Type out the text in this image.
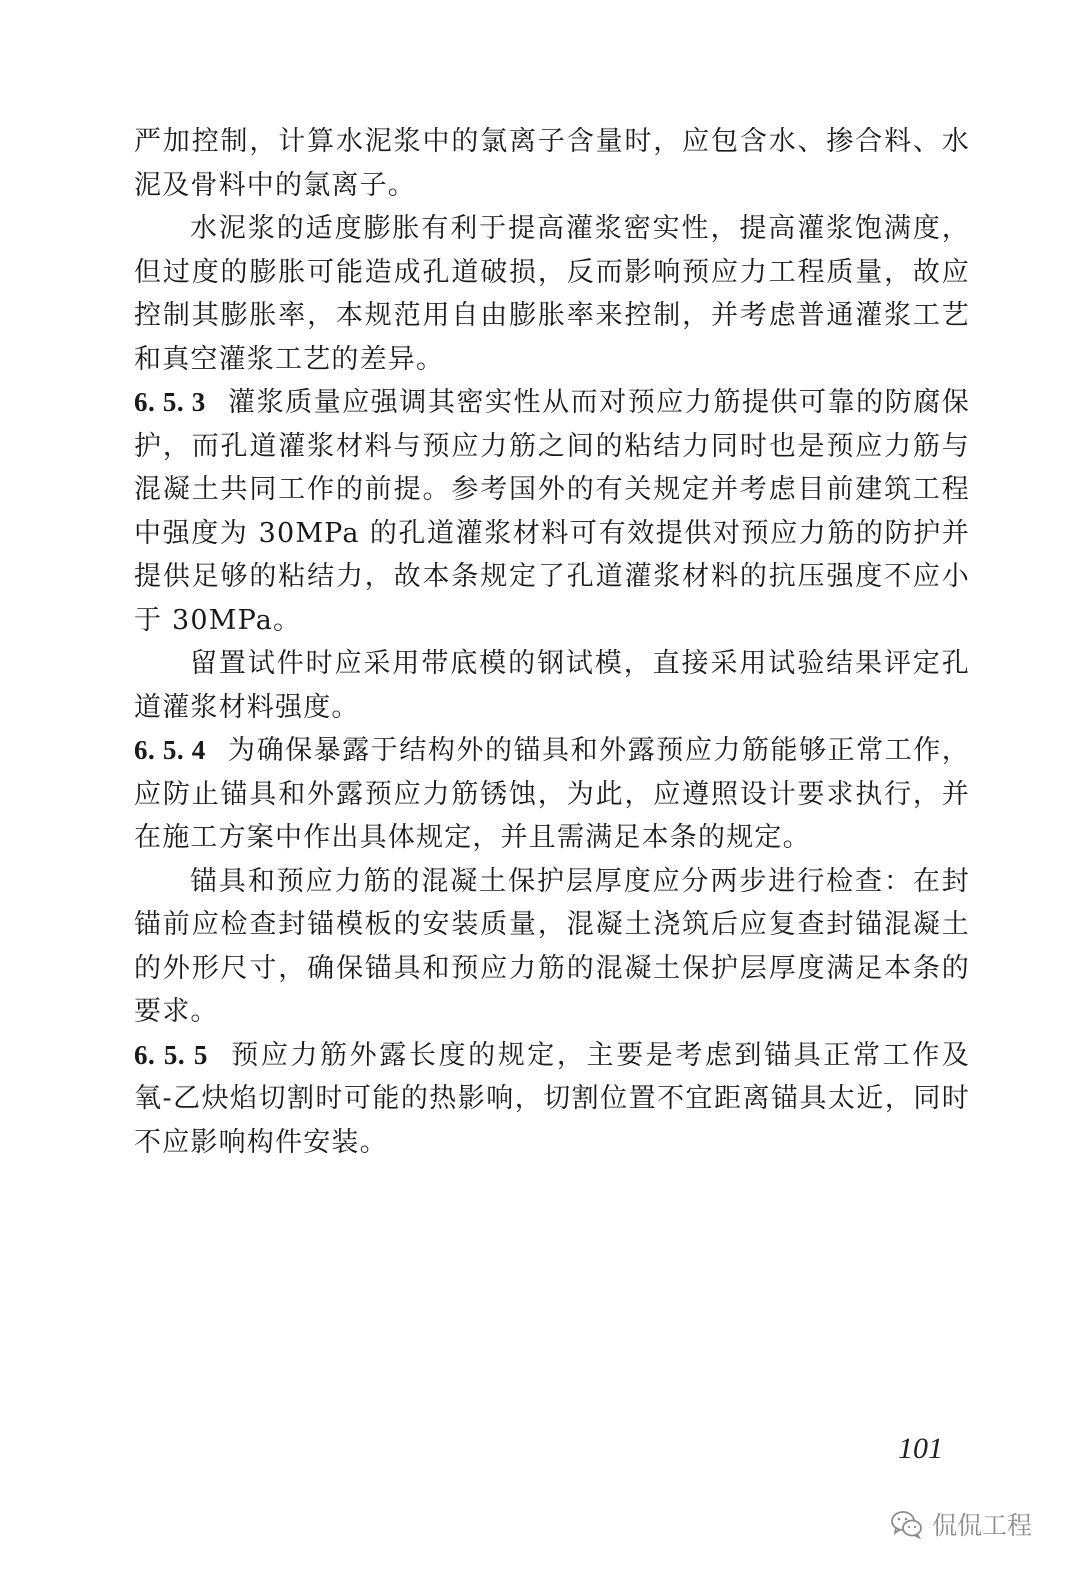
严加控制，计算水泥浆中的氯离子含量时，应包含水、掺合料、水泥及骨料中的氯离子。

水泥浆的适度膨胀有利于提高灌浆密实性，提高灌浆饱满度，但过度的膨胀可能造成孔道破损，反而影响预应力工程质量，故应控制其膨胀率，本规范用自由膨胀率来控制，并考虑普通灌浆工艺和真空灌浆工艺的差异。

6. 5. 3 灌浆质量应强调其密实性从而对预应力筋提供可靠的防腐保护，而孔道灌浆材料与预应力筋之间的粘结力同时也是预应力筋与混凝土共同工作的前提。参考国外的有关规定并考虑目前建筑工程中强度为 30MPa 的孔道灌浆材料可有效提供对预应力筋的防护并提供足够的粘结力，故本条规定了孔道灌浆材料的抗压强度不应小于 30MPa。

留置试件时应采用带底模的钢试模，直接采用试验结果评定孔道灌浆材料强度。

6. 5. 4 为确保暴露于结构外的锚具和外露预应力筋能够正常工作，应防止锚具和外露预应力筋锈蚀，为此，应遵照设计要求执行，并在施工方案中作出具体规定，并且需满足本条的规定。

锚具和预应力筋的混凝土保护层厚度应分两步进行检查：在封锚前应检查封锚模板的安装质量，混凝土浇筑后应复查封锚混凝土的外形尺寸，确保锚具和预应力筋的混凝土保护层厚度满足本条的要求。

6. 5. 5 预应力筋外露长度的规定，主要是考虑到锚具正常工作及氧-乙炔焰切割时可能的热影响，切割位置不宜距离锚具太近，同时不应影响构件安装。

101
侃侃工程
